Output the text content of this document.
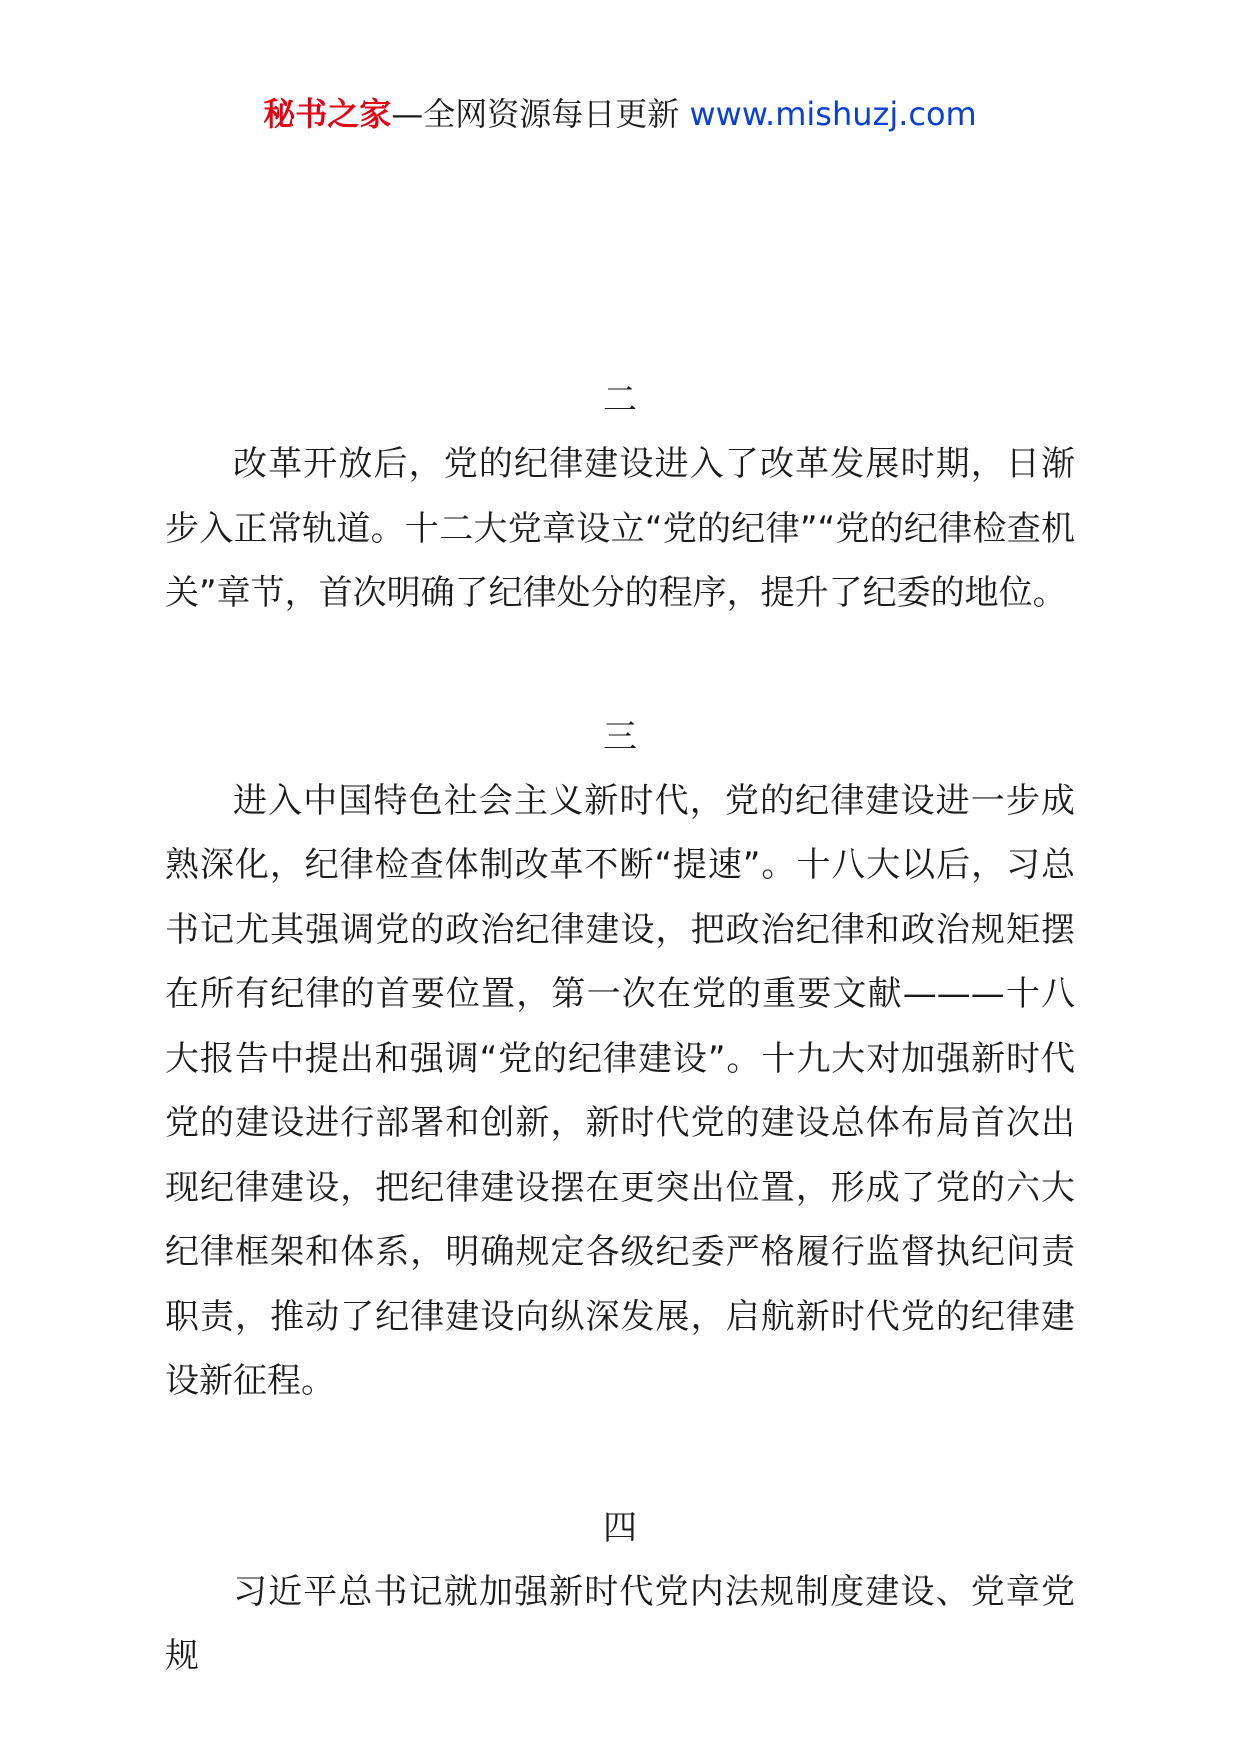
秘书之家—全网资源每日更新 www.mishuzj.com
二

改革开放后，党的纪律建设进入了改革发展时期，日渐步入正常轨道。十二大党章设立“党的纪律”“党的纪律检查机关”章节，首次明确了纪律处分的程序，提升了纪委的地位。

三

进入中国特色社会主义新时代，党的纪律建设进一步成熟深化，纪律检查体制改革不断“提速”。十八大以后，习总书记尤其强调党的政治纪律建设，把政治纪律和政治规矩摆在所有纪律的首要位置，第一次在党的重要文献———十八大报告中提出和强调“党的纪律建设”。十九大对加强新时代党的建设进行部署和创新，新时代党的建设总体布局首次出现纪律建设，把纪律建设摆在更突出位置，形成了党的六大纪律框架和体系，明确规定各级纪委严格履行监督执纪问责职责，推动了纪律建设向纵深发展，启航新时代党的纪律建设新征程。

四

习近平总书记就加强新时代党内法规制度建设、党章党规
